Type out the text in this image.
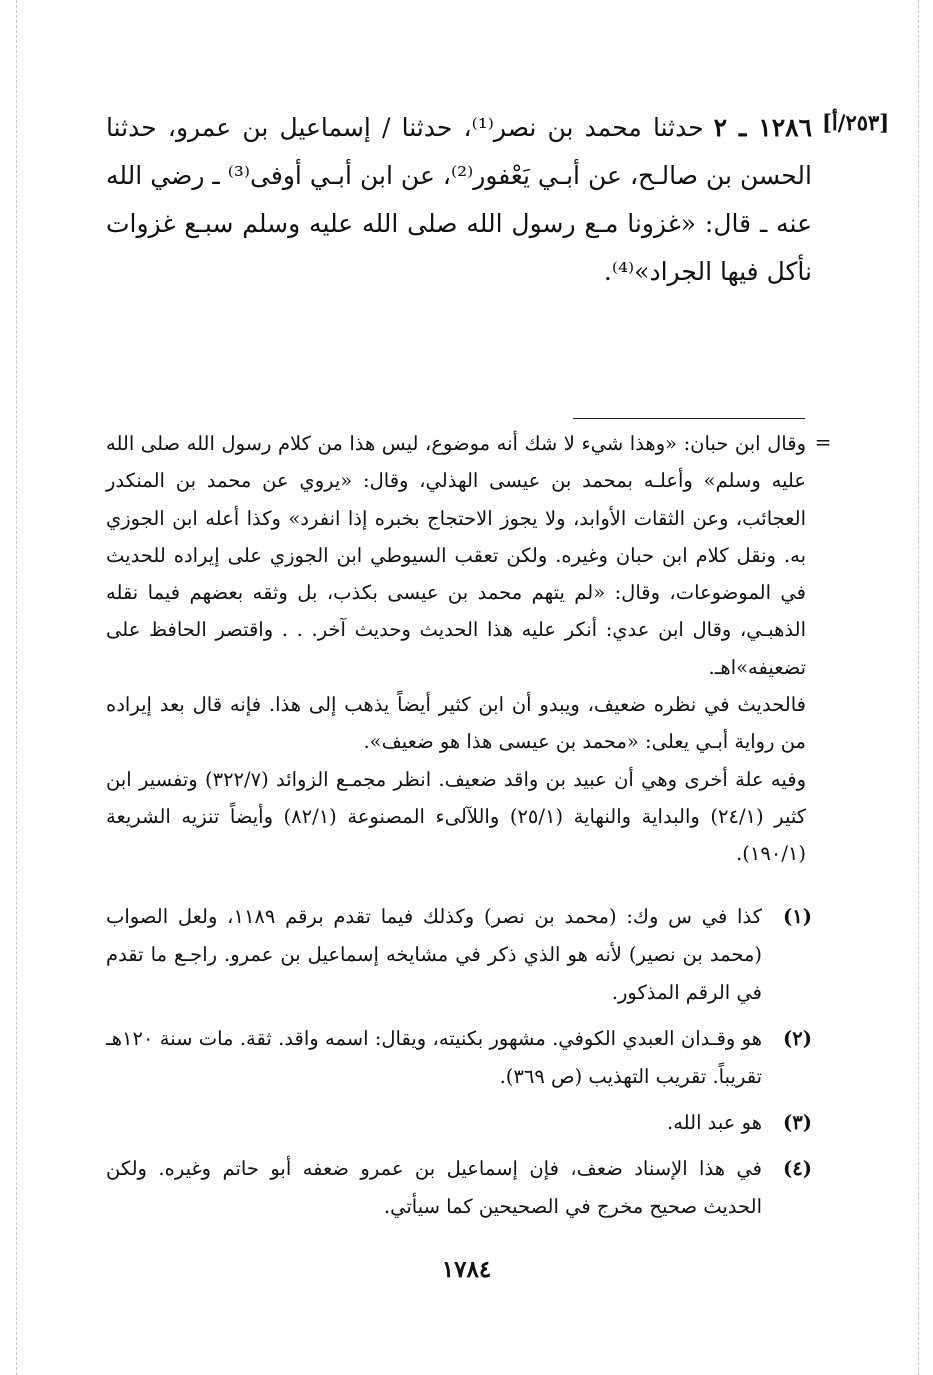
[٢٥٣/أ]
١٢٨٦ ـ ٢حدثنا محمد بن نصر⁽¹⁾، حدثنا / إسماعيل بن عمرو، حدثنا الحسن بن صالـح، عن أبـي يَعْفور⁽²⁾، عن ابن أبـي أوفى⁽³⁾ ـ رضي الله عنه ـ قال: «غزونا مـع رسول الله صلى الله عليه وسلم سبـع غزوات نأكل فيها الجراد»⁽⁴⁾.
=

وقال ابن حبان: «وهذا شيء لا شك أنه موضوع، ليس هذا من كلام رسول الله صلى الله عليه وسلم» وأعلـه بمحمد بن عيسى الهذلي، وقال: «يروي عن محمد بن المنكدر العجائب، وعن الثقات الأوابد، ولا يجوز الاحتجاج بخبره إذا انفرد» وكذا أعله ابن الجوزي به. ونقل كلام ابن حبان وغيره. ولكن تعقب السيوطي ابن الجوزي على إيراده للحديث في الموضوعات، وقال: «لم يتهم محمد بن عيسى بكذب، بل وثقه بعضهم فيما نقله الذهبـي، وقال ابن عدي: أنكر عليه هذا الحديث وحديث آخر. . . واقتصر الحافظ على تضعيفه»اهـ.

فالحديث في نظره ضعيف، ويبدو أن ابن كثير أيضاً يذهب إلى هذا. فإنه قال بعد إيراده من رواية أبـي يعلى: «محمد بن عيسى هذا هو ضعيف».

وفيه علة أخرى وهي أن عبيد بن واقد ضعيف. انظر مجمـع الزوائد (٣٢٢/٧) وتفسير ابن كثير (٢٤/١) والبداية والنهاية (٢٥/١) واللآلىء المصنوعة (٨٢/١) وأيضاً تنزيه الشريعة (١٩٠/١).

(١)
كذا في س وك: (محمد بن نصر) وكذلك فيما تقدم برقم ١١٨٩، ولعل الصواب (محمد بن نصير) لأنه هو الذي ذكر في مشايخه إسماعيل بن عمرو. راجـع ما تقدم في الرقم المذكور.
(٢)
هو وقـدان العبدي الكوفي. مشهور بكنيته، ويقال: اسمه واقد. ثقة. مات سنة ١٢٠هـ تقريباً. تقريب التهذيب (ص ٣٦٩).
(٣)
هو عبد الله.
(٤)
في هذا الإسناد ضعف، فإن إسماعيل بن عمرو ضعفه أبو حاتم وغيره. ولكن الحديث صحيح مخرج في الصحيحين كما سيأتي.
١٧٨٤
